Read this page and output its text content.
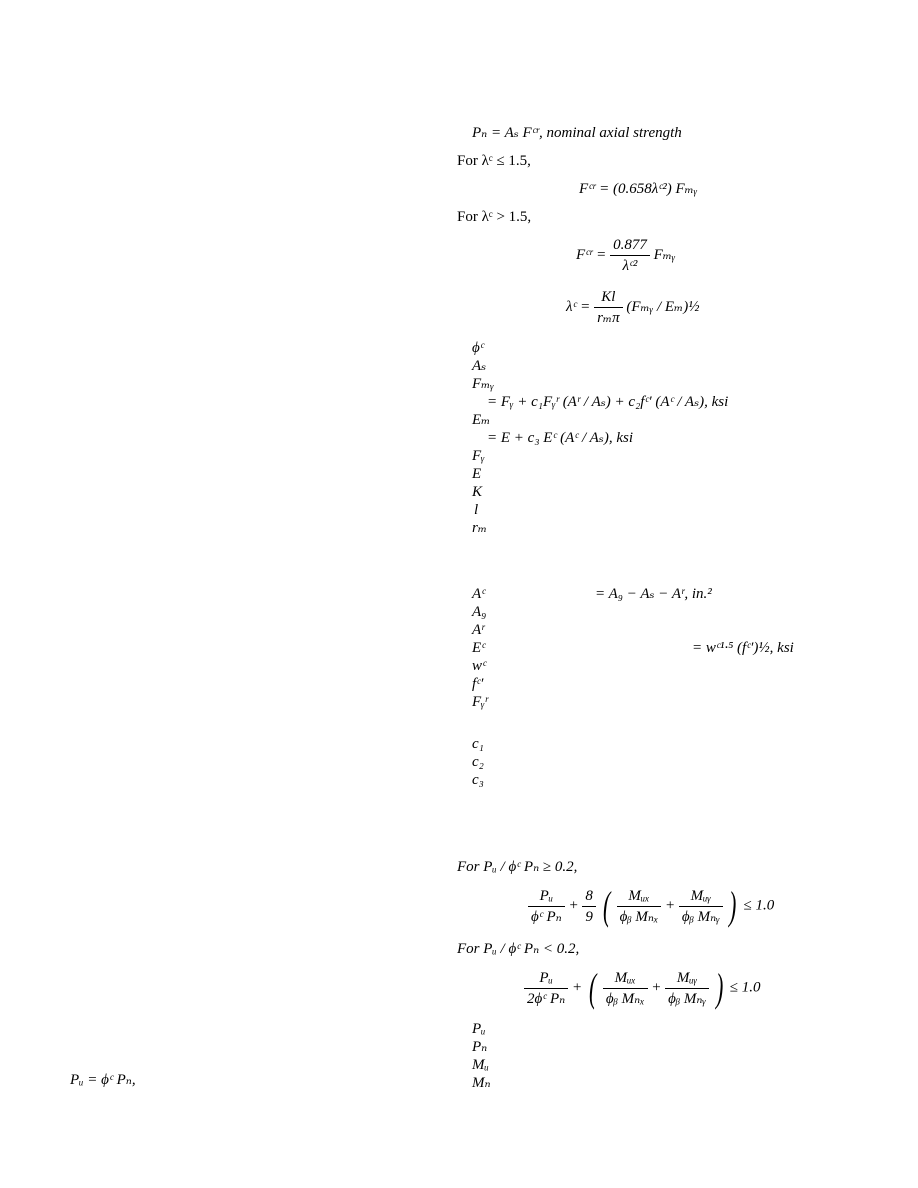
Pₙ = Aₛ Fᶜʳ, nominal axial strength
For λᶜ ≤ 1.5,
Fᶜʳ = (0.658λᶜ²) Fₘᵧ
For λᶜ > 1.5,
Fᶜʳ = $\frac{0.877}{\text{λᶜ²}}$ Fₘᵧ
λᶜ = $\frac{Kl}{\text{rₘπ}}$ (Fₘᵧ / Eₘ)½
ϕᶜ
Aₛ
Fₘᵧ
= Fᵧ + c₁Fᵧʳ (Aʳ / Aₛ) + c₂fᶜ′ (Aᶜ / Aₛ), ksi
Eₘ
= E + c₃ Eᶜ (Aᶜ / Aₛ), ksi
Fᵧ
E
K
l
rₘ
Aᶜ	= A₉ − Aₛ − Aʳ, in.²
A₉
Aʳ
Eᶜ	= wᶜ¹·⁵ (fᶜ′)½, ksi
wᶜ
fᶜ′
Fᵧʳ
c₁
c₂
c₃
For Pᵤ / ϕᶜ Pₙ ≥ 0.2,
$\frac{\text{Pᵤ}}{\text{ϕᶜ Pₙ}} + \frac{8}{9}$ ( $\frac{\text{Mᵤₓ}}{\text{ϕᵦ Mₙₓ}} + \frac{\text{Mᵤᵧ}}{\text{ϕᵦ Mₙᵧ}}$ ) ≤ 1.0
For Pᵤ / ϕᶜ Pₙ < 0.2,
$\frac{\text{Pᵤ}}{\text{2ϕᶜ Pₙ}}$ + ( $\frac{\text{Mᵤₓ}}{\text{ϕᵦ Mₙₓ}} + \frac{\text{Mᵤᵧ}}{\text{ϕᵦ Mₙᵧ}}$ ) ≤ 1.0
Pᵤ
Pₙ
Mᵤ
Mₙ
Pᵤ = ϕᶜ Pₙ,
